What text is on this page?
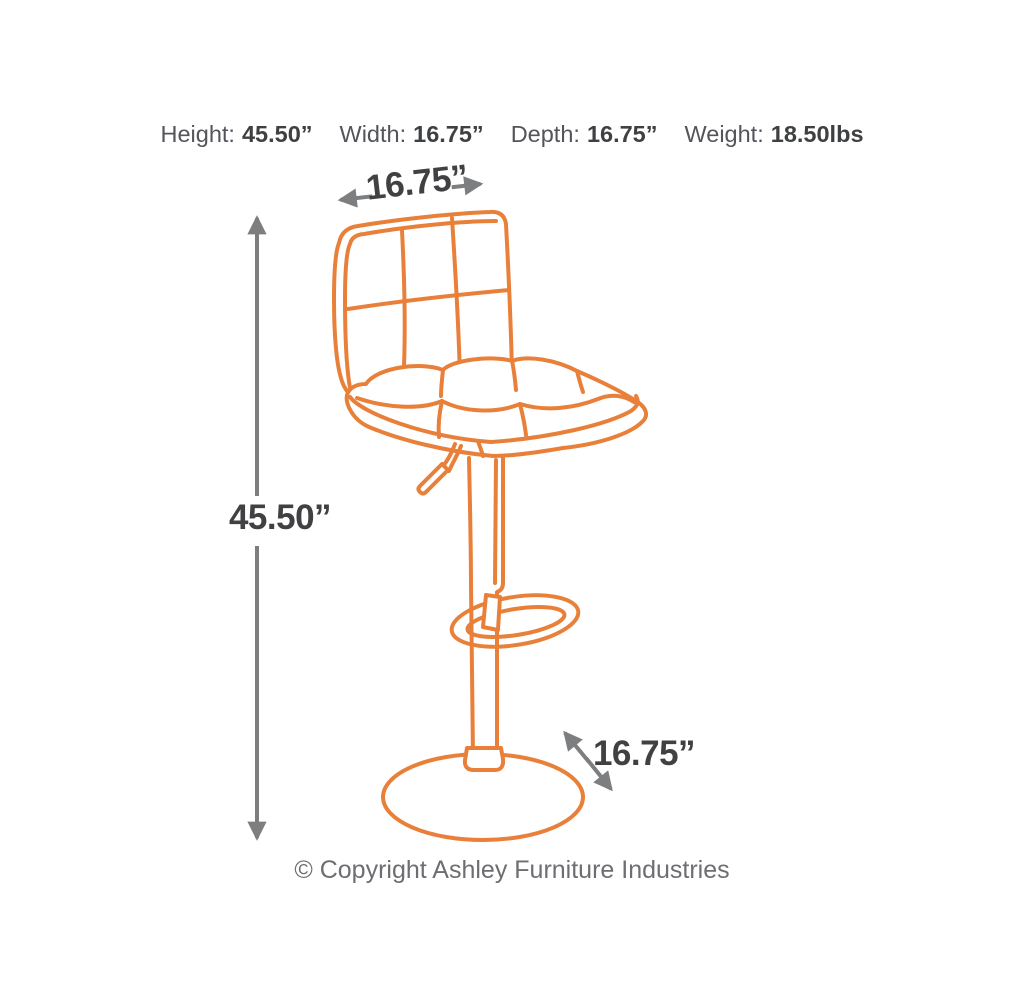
Height: 45.50” Width: 16.75” Depth: 16.75” Weight: 18.50lbs
45.50”
16.75”
16.75”
© Copyright Ashley Furniture Industries
